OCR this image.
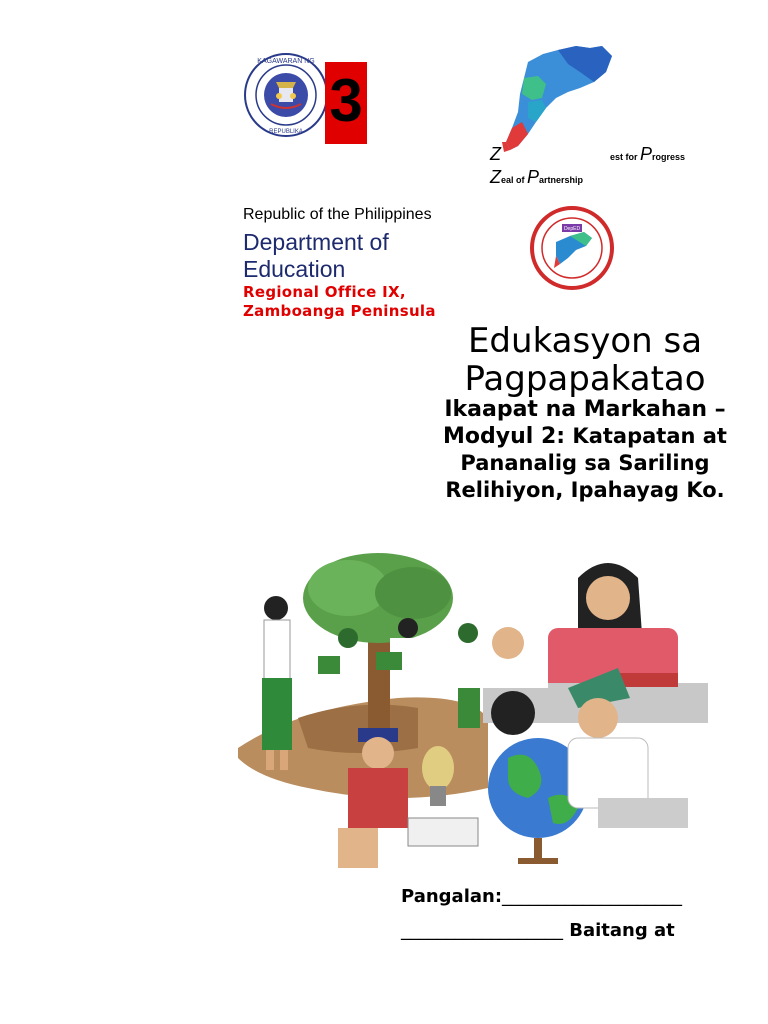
KAGAWARAN NG
REPUBLIKA 3
Z	est for Progress
Zeal of Partnership
Republic of the Philippines
Department of Education
Regional Office IX,
Zamboanga Peninsula
DepED
Edukasyon sa
Pagpapakatao
Ikaapat na Markahan –
Modyul 2: Katapatan at
Pananalig sa Sariling
Relihiyon, Ipahayag Ko.
Pangalan:____________________
__________________ Baitang at
